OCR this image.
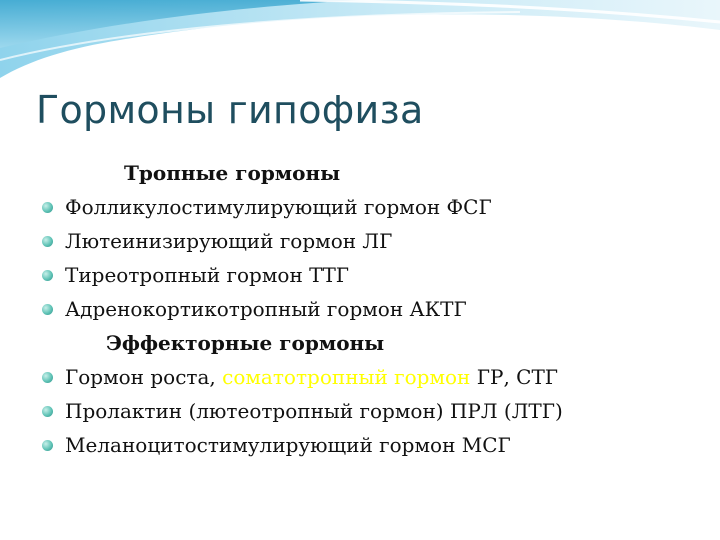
Гормоны гипофиза
Тропные гормоны
Фолликулостимулирующий гормон ФСГ
Лютеинизирующий гормон ЛГ
Тиреотропный гормон ТТГ
Адренокортикотропный гормон АКТГ
Эффекторные гормоны
Гормон роста, соматотропный гормон ГР, СТГ
Пролактин (лютеотропный гормон) ПРЛ (ЛТГ)
Меланоцитостимулирующий гормон МСГ
